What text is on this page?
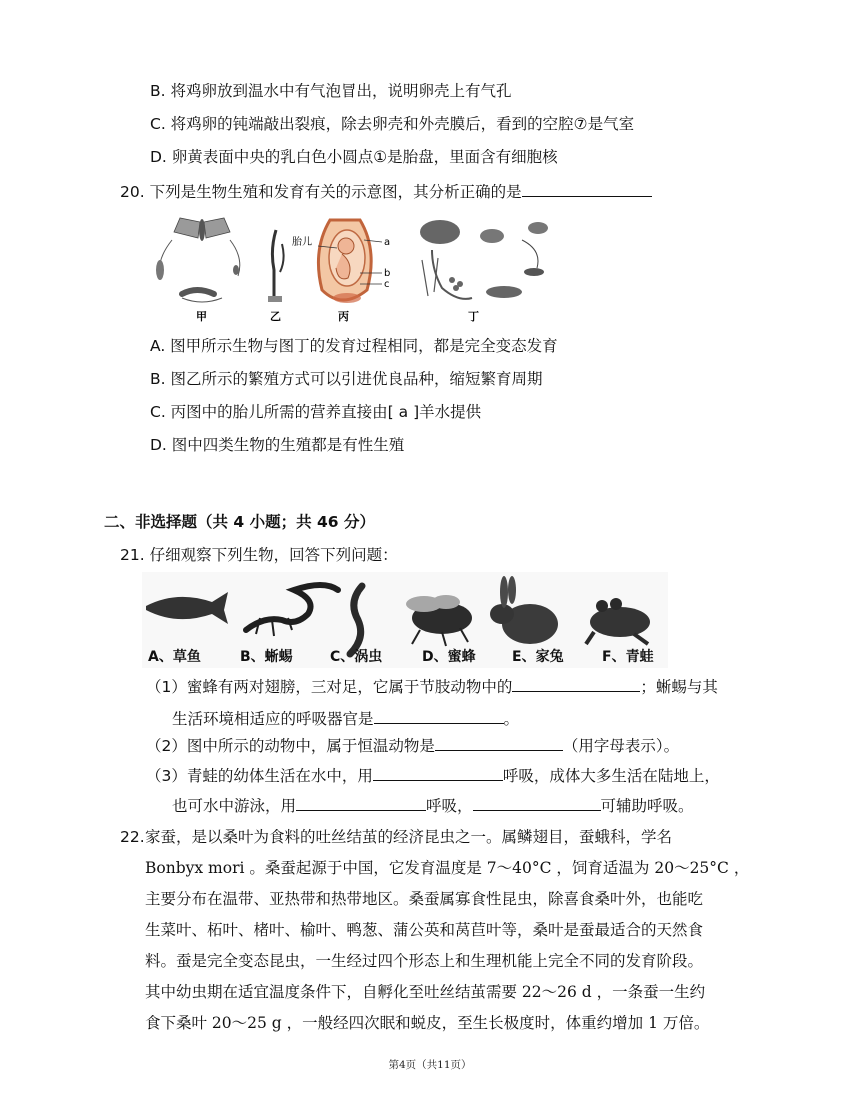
B. 将鸡卵放到温水中有气泡冒出，说明卵壳上有气孔
C. 将鸡卵的钝端敲出裂痕，除去卵壳和外壳膜后，看到的空腔⑦是气室
D. 卵黄表面中央的乳白色小圆点①是胎盘，里面含有细胞核
20. 下列是生物生殖和发育有关的示意图，其分析正确的是
甲	乙
胎儿	a
b
c
丙	丁
A. 图甲所示生物与图丁的发育过程相同，都是完全变态发育
B. 图乙所示的繁殖方式可以引进优良品种，缩短繁育周期
C. 丙图中的胎儿所需的营养直接由[ a ]羊水提供
D. 图中四类生物的生殖都是有性生殖
二、非选择题（共 4 小题；共 46 分）
21. 仔细观察下列生物，回答下列问题：
A、草鱼	B、蜥蜴	C、涡虫	D、蜜蜂	E、家兔	F、青蛙
（1）蜜蜂有两对翅膀，三对足，它属于节肢动物中的	；蜥蜴与其
生活环境相适应的呼吸器官是	。
（2）图中所示的动物中，属于恒温动物是	（用字母表示）。
（3）青蛙的幼体生活在水中，用	呼吸，成体大多生活在陆地上，
也可水中游泳，用	呼吸，	可辅助呼吸。
22. 家蚕，是以桑叶为食料的吐丝结茧的经济昆虫之一。属鳞翅目，蚕蛾科，学名
Bonbyx mori 。桑蚕起源于中国，它发育温度是 7～40°C ，饲育适温为 20～25°C ，
主要分布在温带、亚热带和热带地区。桑蚕属寡食性昆虫，除喜食桑叶外，也能吃
生菜叶、柘叶、楮叶、榆叶、鸭葱、蒲公英和莴苣叶等，桑叶是蚕最适合的天然食
料。蚕是完全变态昆虫，一生经过四个形态上和生理机能上完全不同的发育阶段。
其中幼虫期在适宜温度条件下，自孵化至吐丝结茧需要 22～26 d ，一条蚕一生约
食下桑叶 20～25 g ，一般经四次眠和蜕皮，至生长极度时，体重约增加 1 万倍。
第4页（共11页）
